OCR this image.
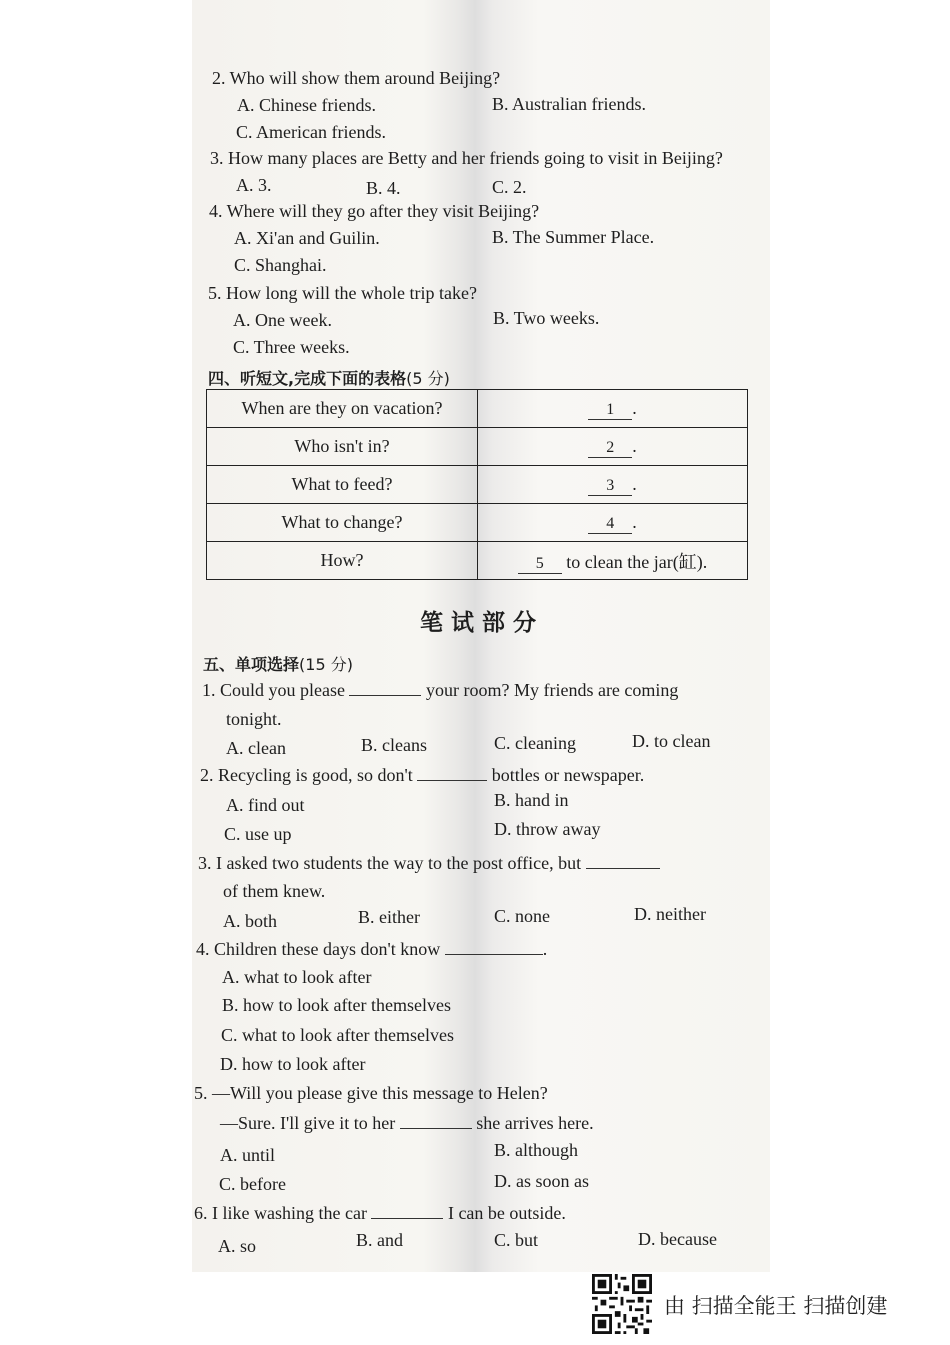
2. Who will show them around Beijing?
A. Chinese friends.	B. Australian friends.
C. American friends.
3. How many places are Betty and her friends going to visit in Beijing?
A. 3.	B. 4.	C. 2.
4. Where will they go after they visit Beijing?
A. Xi'an and Guilin.	B. The Summer Place.
C. Shanghai.
5. How long will the whole trip take?
A. One week.	B. Two weeks.
C. Three weeks.
四、听短文,完成下面的表格(5 分)
When are they on vacation?	1 .
Who isn't in?	2 .
What to feed?	3 .
What to change?	4 .
How?	5 to clean the jar(缸).
笔试部分
五、单项选择(15 分)
1. Could you please	your room? My friends are coming
tonight.
A. clean	B. cleans	C. cleaning	D. to clean
2. Recycling is good, so don't	bottles or newspaper.
A. find out	B. hand in
C. use up	D. throw away
3. I asked two students the way to the post office, but
of them knew.
A. both	B. either	C. none	D. neither
4. Children these days don't know	.
A. what to look after
B. how to look after themselves
C. what to look after themselves
D. how to look after
5. —Will you please give this message to Helen?
—Sure. I'll give it to her	she arrives here.
A. until	B. although
C. before	D. as soon as
6. I like washing the car	I can be outside.
A. so	B. and	C. but	D. because
由 扫描全能王 扫描创建
